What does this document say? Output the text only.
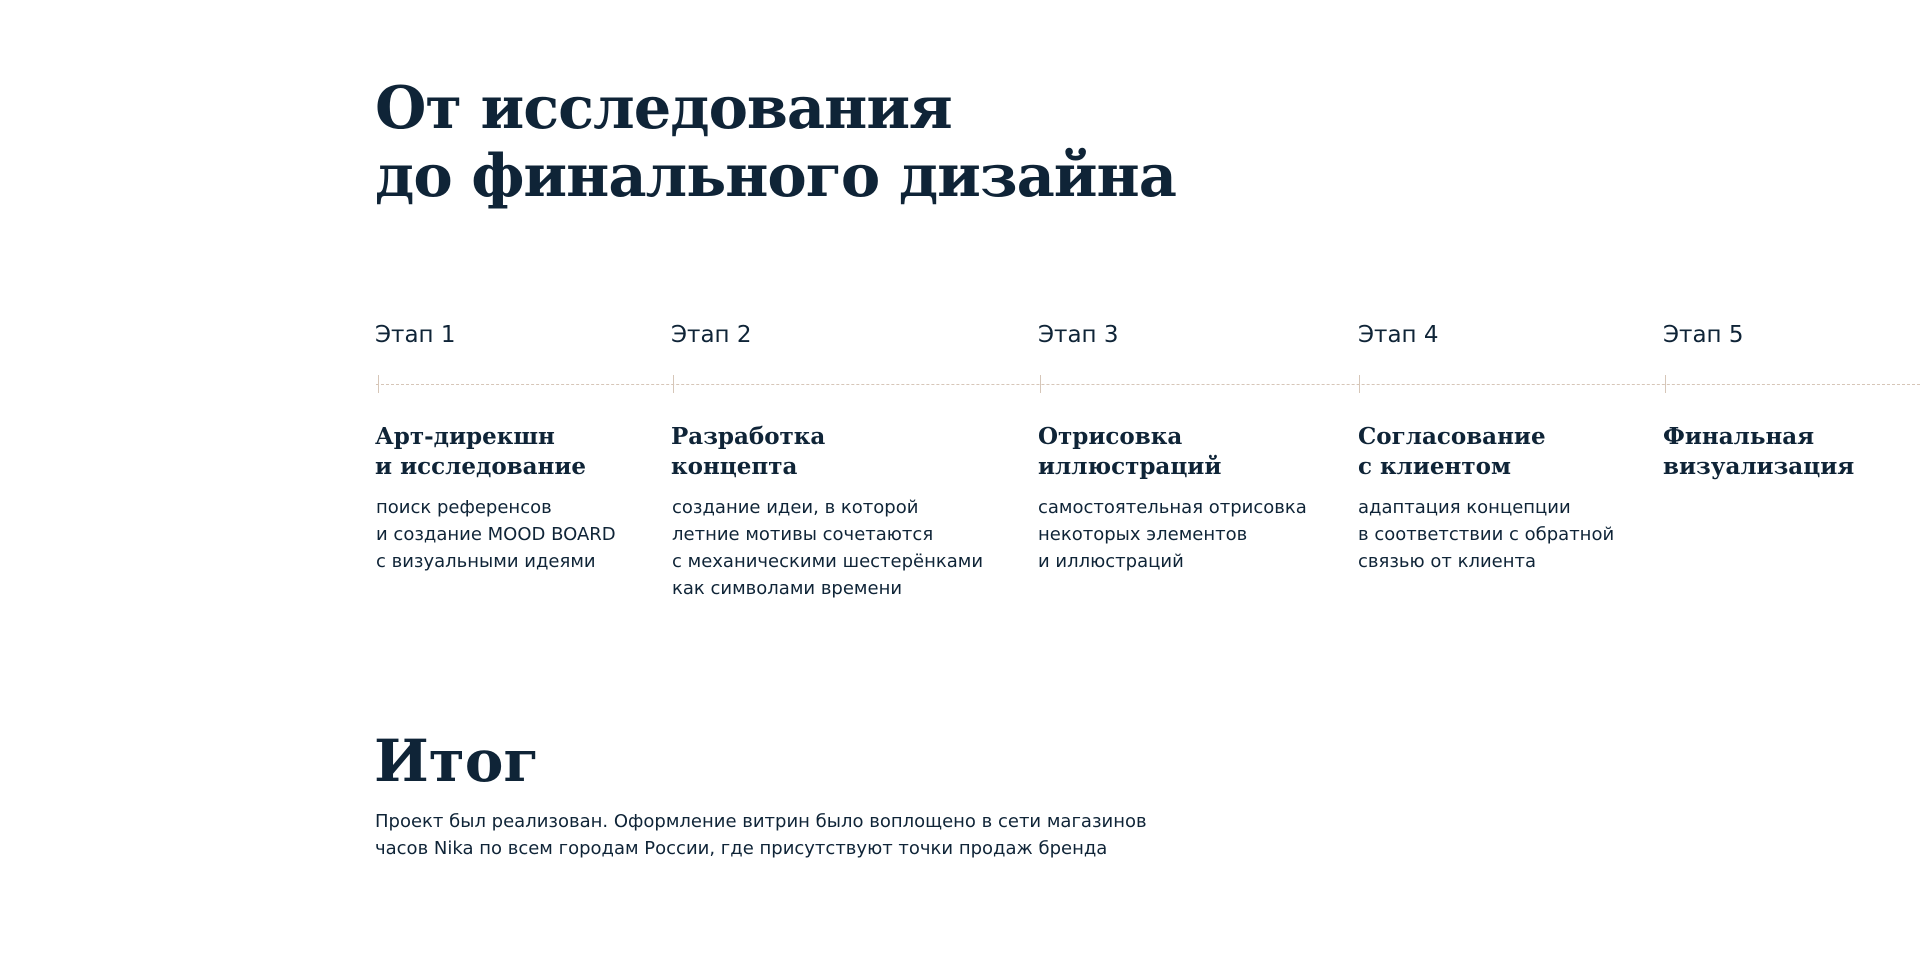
От исследования
до финального дизайна
Этап 1
Арт-дирекшн
и исследование

поиск референсов
и создание MOOD BOARD
с визуальными идеями

Этап 2
Разработка
концепта

создание идеи, в которой
летние мотивы сочетаются
с механическими шестерёнками
как символами времени

Этап 3
Отрисовка
иллюстраций

самостоятельная отрисовка
некоторых элементов
и иллюстраций

Этап 4
Согласование
с клиентом

адаптация концепции
в соответствии с обратной
связью от клиента

Этап 5
Финальная
визуализация
Итог

Проект был реализован. Оформление витрин было воплощено в сети магазинов
часов Nika по всем городам России, где присутствуют точки продаж бренда
